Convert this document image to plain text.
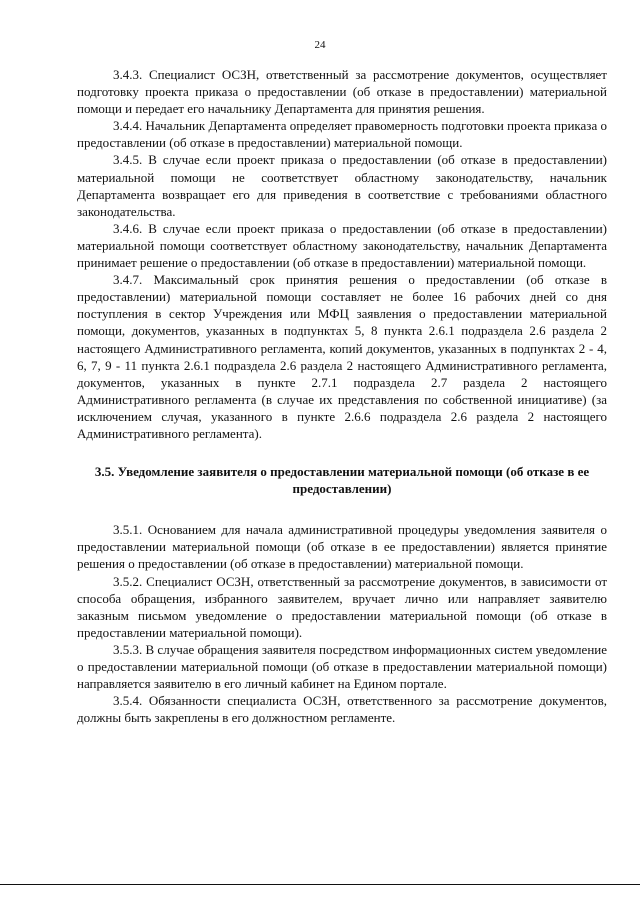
24

3.4.3. Специалист ОСЗН, ответственный за рассмотрение документов, осуществляет подготовку проекта приказа о предоставлении (об отказе в предоставлении) материальной помощи и передает его начальнику Департамента для принятия решения.

3.4.4. Начальник Департамента определяет правомерность подготовки проекта приказа о предоставлении (об отказе в предоставлении) материальной помощи.

3.4.5. В случае если проект приказа о предоставлении (об отказе в предоставлении) материальной помощи не соответствует областному законодательству, начальник Департамента возвращает его для приведения в соответствие с требованиями областного законодательства.

3.4.6. В случае если проект приказа о предоставлении (об отказе в предоставлении) материальной помощи соответствует областному законодательству, начальник Департамента принимает решение о предоставлении (об отказе в предоставлении) материальной помощи.

3.4.7. Максимальный срок принятия решения о предоставлении (об отказе в предоставлении) материальной помощи составляет не более 16 рабочих дней со дня поступления в сектор Учреждения или МФЦ заявления о предоставлении материальной помощи, документов, указанных в подпунктах 5, 8 пункта 2.6.1 подраздела 2.6 раздела 2 настоящего Административного регламента, копий документов, указанных в подпунктах 2 - 4, 6, 7, 9 - 11 пункта 2.6.1 подраздела 2.6 раздела 2 настоящего Административного регламента, документов, указанных в пункте 2.7.1 подраздела 2.7 раздела 2 настоящего Административного регламента (в случае их представления по собственной инициативе) (за исключением случая, указанного в пункте 2.6.6 подраздела 2.6 раздела 2 настоящего Административного регламента).

3.5. Уведомление заявителя о предоставлении материальной помощи (об отказе в ее предоставлении)

3.5.1. Основанием для начала административной процедуры уведомления заявителя о предоставлении материальной помощи (об отказе в ее предоставлении) является принятие решения о предоставлении (об отказе в предоставлении) материальной помощи.

3.5.2. Специалист ОСЗН, ответственный за рассмотрение документов, в зависимости от способа обращения, избранного заявителем, вручает лично или направляет заявителю заказным письмом уведомление о предоставлении материальной помощи (об отказе в предоставлении материальной помощи).

3.5.3. В случае обращения заявителя посредством информационных систем уведомление о предоставлении материальной помощи (об отказе в предоставлении материальной помощи) направляется заявителю в его личный кабинет на Едином портале.

3.5.4. Обязанности специалиста ОСЗН, ответственного за рассмотрение документов, должны быть закреплены в его должностном регламенте.
